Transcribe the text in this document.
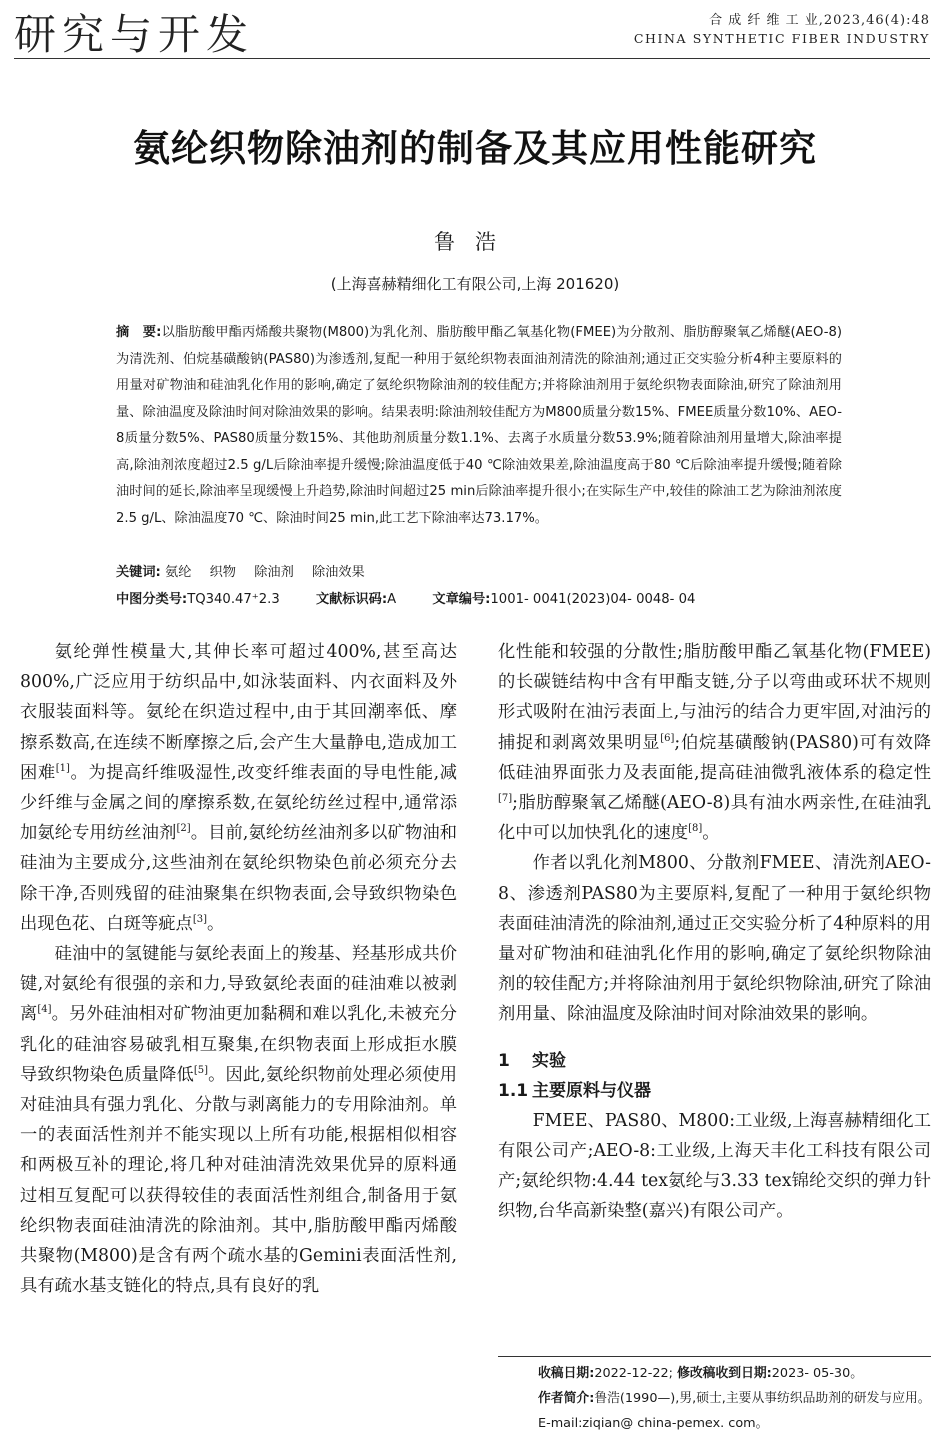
研究与开发	合 成 纤 维 工 业,2023,46(4):48
CHINA SYNTHETIC FIBER INDUSTRY
氨纶织物除油剂的制备及其应用性能研究
鲁浩
(上海喜赫精细化工有限公司,上海 201620)
摘　要:以脂肪酸甲酯丙烯酸共聚物(M800)为乳化剂、脂肪酸甲酯乙氧基化物(FMEE)为分散剂、脂肪醇聚氧乙烯醚(AEO-8)为清洗剂、伯烷基磺酸钠(PAS80)为渗透剂,复配一种用于氨纶织物表面油剂清洗的除油剂;通过正交实验分析4种主要原料的用量对矿物油和硅油乳化作用的影响,确定了氨纶织物除油剂的较佳配方;并将除油剂用于氨纶织物表面除油,研究了除油剂用量、除油温度及除油时间对除油效果的影响。结果表明:除油剂较佳配方为M800质量分数15%、FMEE质量分数10%、AEO-8质量分数5%、PAS80质量分数15%、其他助剂质量分数1.1%、去离子水质量分数53.9%;随着除油剂用量增大,除油率提高,除油剂浓度超过2.5 g/L后除油率提升缓慢;除油温度低于40 ℃除油效果差,除油温度高于80 ℃后除油率提升缓慢;随着除油时间的延长,除油率呈现缓慢上升趋势,除油时间超过25 min后除油率提升很小;在实际生产中,较佳的除油工艺为除油剂浓度2.5 g/L、除油温度70 ℃、除油时间25 min,此工艺下除油率达73.17%。
关键词: 氨纶 织物 除油剂 除油效果
中图分类号:TQ340.47⁺2.3	文献标识码:A	文章编号:1001- 0041(2023)04- 0048- 04

氨纶弹性模量大,其伸长率可超过400%,甚至高达800%,广泛应用于纺织品中,如泳装面料、内衣面料及外衣服装面料等。氨纶在织造过程中,由于其回潮率低、摩擦系数高,在连续不断摩擦之后,会产生大量静电,造成加工困难[1]。为提高纤维吸湿性,改变纤维表面的导电性能,减少纤维与金属之间的摩擦系数,在氨纶纺丝过程中,通常添加氨纶专用纺丝油剂[2]。目前,氨纶纺丝油剂多以矿物油和硅油为主要成分,这些油剂在氨纶织物染色前必须充分去除干净,否则残留的硅油聚集在织物表面,会导致织物染色出现色花、白斑等疵点[3]。

硅油中的氢键能与氨纶表面上的羧基、羟基形成共价键,对氨纶有很强的亲和力,导致氨纶表面的硅油难以被剥离[4]。另外硅油相对矿物油更加黏稠和难以乳化,未被充分乳化的硅油容易破乳相互聚集,在织物表面上形成拒水膜导致织物染色质量降低[5]。因此,氨纶织物前处理必须使用对硅油具有强力乳化、分散与剥离能力的专用除油剂。单一的表面活性剂并不能实现以上所有功能,根据相似相容和两极互补的理论,将几种对硅油清洗效果优异的原料通过相互复配可以获得较佳的表面活性剂组合,制备用于氨纶织物表面硅油清洗的除油剂。其中,脂肪酸甲酯丙烯酸共聚物(M800)是含有两个疏水基的Gemini表面活性剂,具有疏水基支链化的特点,具有良好的乳

化性能和较强的分散性;脂肪酸甲酯乙氧基化物(FMEE)的长碳链结构中含有甲酯支链,分子以弯曲或环状不规则形式吸附在油污表面上,与油污的结合力更牢固,对油污的捕捉和剥离效果明显[6];伯烷基磺酸钠(PAS80)可有效降低硅油界面张力及表面能,提高硅油微乳液体系的稳定性[7];脂肪醇聚氧乙烯醚(AEO-8)具有油水两亲性,在硅油乳化中可以加快乳化的速度[8]。

作者以乳化剂M800、分散剂FMEE、清洗剂AEO-8、渗透剂PAS80为主要原料,复配了一种用于氨纶织物表面硅油清洗的除油剂,通过正交实验分析了4种原料的用量对矿物油和硅油乳化作用的影响,确定了氨纶织物除油剂的较佳配方;并将除油剂用于氨纶织物除油,研究了除油剂用量、除油温度及除油时间对除油效果的影响。

1 实验
1.1 主要原料与仪器

FMEE、PAS80、M800:工业级,上海喜赫精细化工有限公司产;AEO-8:工业级,上海天丰化工科技有限公司产;氨纶织物:4.44 tex氨纶与3.33 tex锦纶交织的弹力针织物,台华高新染整(嘉兴)有限公司产。

收稿日期:2022-12-22; 修改稿收到日期:2023- 05-30。
作者简介:鲁浩(1990—),男,硕士,主要从事纺织品助剂的研发与应用。E-mail:ziqian@ china-pemex. com。
